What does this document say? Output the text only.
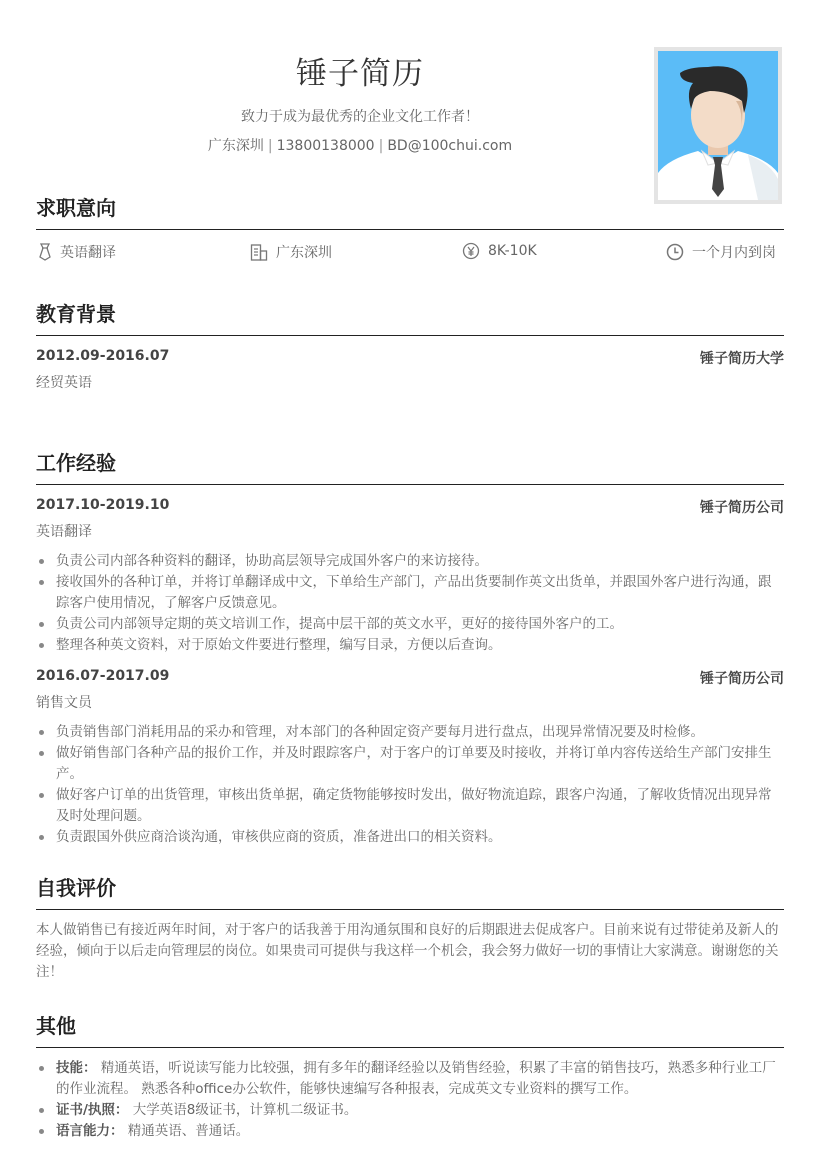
锤子简历
致力于成为最优秀的企业文化工作者！
广东深圳 | 13800138000 | BD@100chui.com
求职意向
英语翻译	广东深圳	8K-10K	一个月内到岗
教育背景
2012.09-2016.07	锤子简历大学
经贸英语
工作经验
2017.10-2019.10	锤子简历公司
英语翻译
负责公司内部各种资料的翻译，协助高层领导完成国外客户的来访接待。
接收国外的各种订单，并将订单翻译成中文，下单给生产部门，产品出货要制作英文出货单，并跟国外客户进行沟通，跟踪客户使用情况，了解客户反馈意见。
负责公司内部领导定期的英文培训工作，提高中层干部的英文水平，更好的接待国外客户的工。
整理各种英文资料，对于原始文件要进行整理，编写目录，方便以后查询。
2016.07-2017.09	锤子简历公司
销售文员
负责销售部门消耗用品的采办和管理，对本部门的各种固定资产要每月进行盘点，出现异常情况要及时检修。
做好销售部门各种产品的报价工作，并及时跟踪客户，对于客户的订单要及时接收，并将订单内容传送给生产部门安排生产。
做好客户订单的出货管理，审核出货单据，确定货物能够按时发出，做好物流追踪，跟客户沟通，了解收货情况出现异常及时处理问题。
负责跟国外供应商洽谈沟通，审核供应商的资质，准备进出口的相关资料。
自我评价
本人做销售已有接近两年时间，对于客户的话我善于用沟通氛围和良好的后期跟进去促成客户。目前来说有过带徒弟及新人的经验，倾向于以后走向管理层的岗位。如果贵司可提供与我这样一个机会，我会努力做好一切的事情让大家满意。谢谢您的关注！
其他
技能： 精通英语，听说读写能力比较强，拥有多年的翻译经验以及销售经验，积累了丰富的销售技巧，熟悉多种行业工厂的作业流程。 熟悉各种office办公软件，能够快速编写各种报表，完成英文专业资料的撰写工作。
证书/执照： 大学英语8级证书，计算机二级证书。
语言能力： 精通英语、普通话。
